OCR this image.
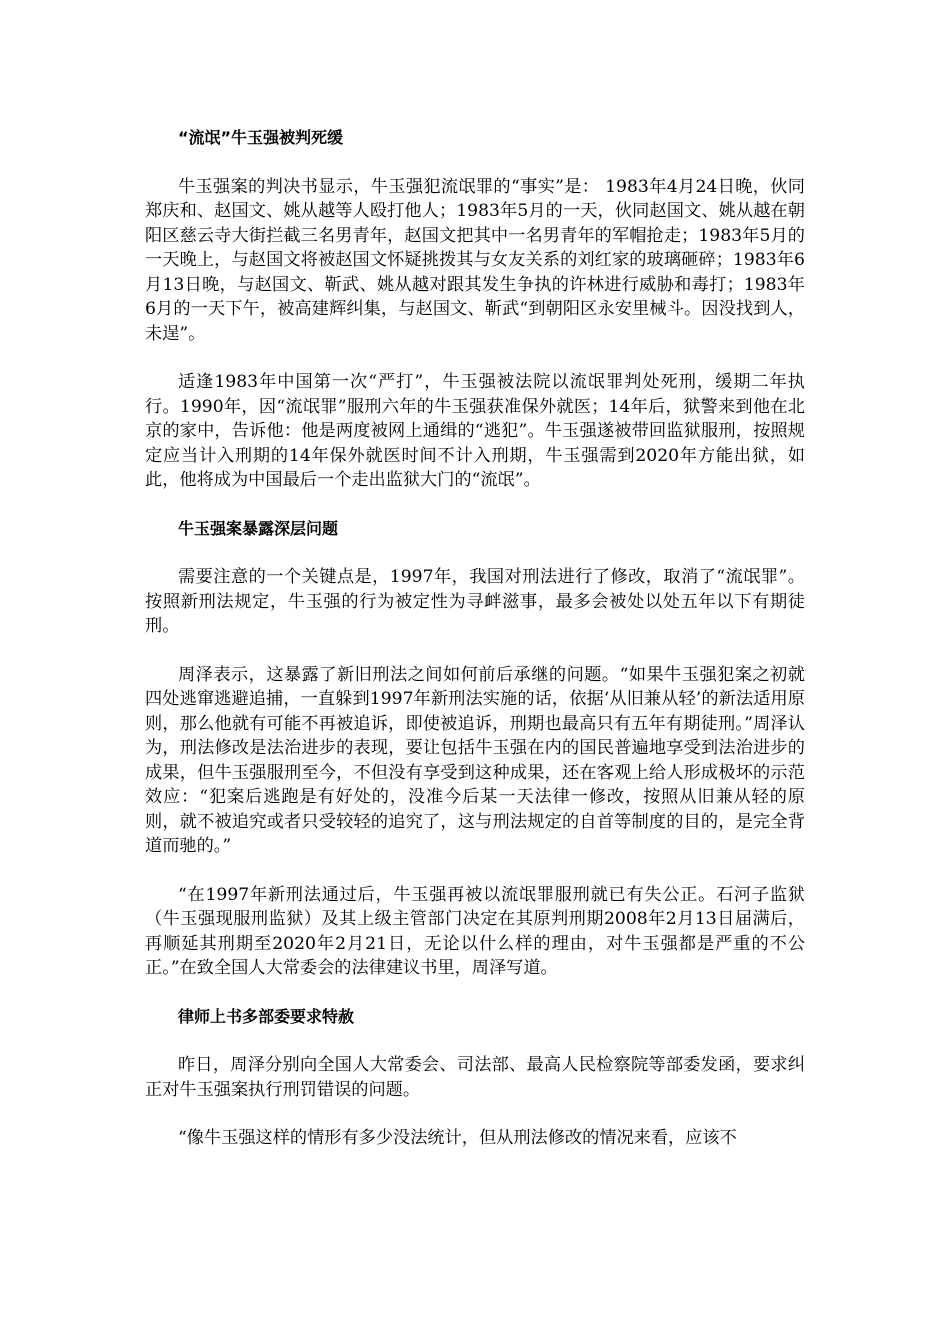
“流氓”牛玉强被判死缓

牛玉强案的判决书显示，牛玉强犯流氓罪的“事实”是： 1983年4月24日晚，伙同郑庆和、赵国文、姚从越等人殴打他人；1983年5月的一天，伙同赵国文、姚从越在朝阳区慈云寺大街拦截三名男青年，赵国文把其中一名男青年的军帽抢走；1983年5月的一天晚上，与赵国文将被赵国文怀疑挑拨其与女友关系的刘红家的玻璃砸碎；1983年6月13日晚，与赵国文、靳武、姚从越对跟其发生争执的许林进行威胁和毒打；1983年6月的一天下午，被高建辉纠集，与赵国文、靳武“到朝阳区永安里械斗。因没找到人，未逞”。

适逢1983年中国第一次“严打”，牛玉强被法院以流氓罪判处死刑，缓期二年执行。1990年，因“流氓罪”服刑六年的牛玉强获准保外就医；14年后，狱警来到他在北京的家中，告诉他：他是两度被网上通缉的“逃犯”。牛玉强遂被带回监狱服刑，按照规定应当计入刑期的14年保外就医时间不计入刑期，牛玉强需到2020年方能出狱，如此，他将成为中国最后一个走出监狱大门的“流氓”。

牛玉强案暴露深层问题

需要注意的一个关键点是，1997年，我国对刑法进行了修改，取消了“流氓罪”。按照新刑法规定，牛玉强的行为被定性为寻衅滋事，最多会被处以处五年以下有期徒刑。

周泽表示，这暴露了新旧刑法之间如何前后承继的问题。“如果牛玉强犯案之初就四处逃窜逃避追捕，一直躲到1997年新刑法实施的话，依据‘从旧兼从轻’的新法适用原则，那么他就有可能不再被追诉，即使被追诉，刑期也最高只有五年有期徒刑。”周泽认为，刑法修改是法治进步的表现，要让包括牛玉强在内的国民普遍地享受到法治进步的成果，但牛玉强服刑至今，不但没有享受到这种成果，还在客观上给人形成极坏的示范效应：“犯案后逃跑是有好处的，没准今后某一天法律一修改，按照从旧兼从轻的原则，就不被追究或者只受较轻的追究了，这与刑法规定的自首等制度的目的，是完全背道而驰的。”

“在1997年新刑法通过后，牛玉强再被以流氓罪服刑就已有失公正。石河子监狱（牛玉强现服刑监狱）及其上级主管部门决定在其原判刑期2008年2月13日届满后，再顺延其刑期至2020年2月21日，无论以什么样的理由，对牛玉强都是严重的不公正。”在致全国人大常委会的法律建议书里，周泽写道。

律师上书多部委要求特赦

昨日，周泽分别向全国人大常委会、司法部、最高人民检察院等部委发函，要求纠正对牛玉强案执行刑罚错误的问题。

“像牛玉强这样的情形有多少没法统计，但从刑法修改的情况来看，应该不
